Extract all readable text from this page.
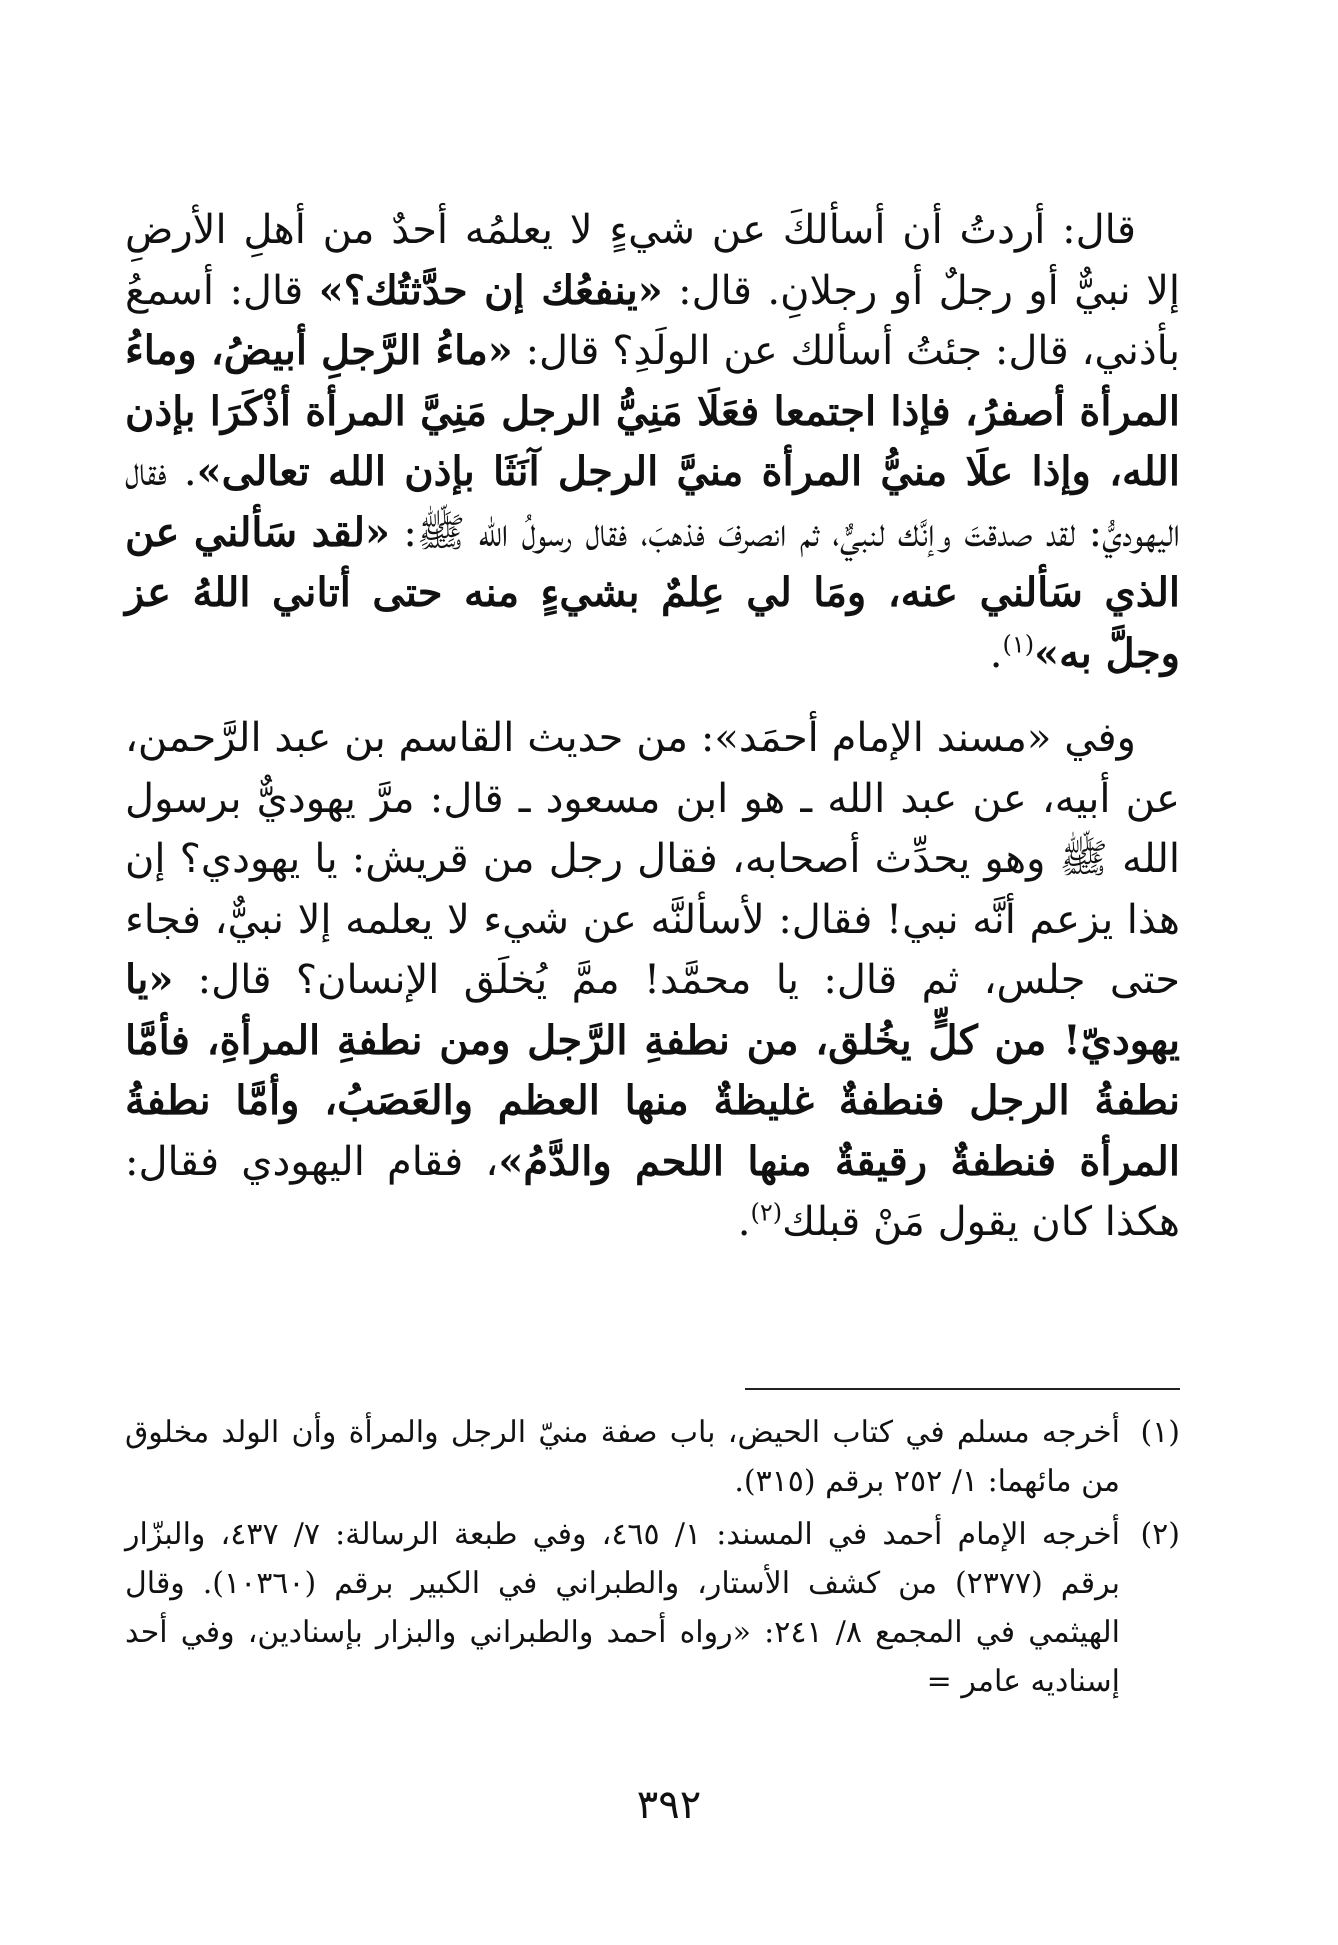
قال: أردتُ أن أسألكَ عن شيءٍ لا يعلمُه أحدٌ من أهلِ الأرضِ إلا نبيٌّ أو رجلٌ أو رجلانِ. قال: «ينفعُك إن حدَّثتُك؟» قال: أسمعُ بأذني، قال: جئتُ أسألك عن الولَدِ؟ قال: «ماءُ الرَّجلِ أبيضُ، وماءُ المرأة أصفرُ، فإذا اجتمعا فعَلَا مَنِيُّ الرجل مَنِيَّ المرأة أذْكَرَا بإذن الله، وإذا علَا منيُّ المرأة منيَّ الرجل آنَثَا بإذن الله تعالى». فقال اليهوديُّ: لقد صدقتَ وإنَّك لنبيٌّ، ثم انصرفَ فذهبَ، فقال رسولُ الله ﷺ: «لقد سَألني عن الذي سَألني عنه، ومَا لي عِلمٌ بشيءٍ منه حتى أتاني اللهُ عز وجلَّ به»$^{(١)}$.

وفي «مسند الإمام أحمَد»: من حديث القاسم بن عبد الرَّحمن، عن أبيه، عن عبد الله ـ هو ابن مسعود ـ قال: مرَّ يهوديٌّ برسول الله ﷺ وهو يحدِّث أصحابه، فقال رجل من قريش: يا يهودي؟ إن هذا يزعم أنَّه نبي! فقال: لأسألنَّه عن شيء لا يعلمه إلا نبيٌّ، فجاء حتى جلس، ثم قال: يا محمَّد! ممَّ يُخلَق الإنسان؟ قال: «يا يهوديّ! من كلٍّ يخُلق، من نطفةِ الرَّجل ومن نطفةِ المرأةِ، فأمَّا نطفةُ الرجل فنطفةٌ غليظةٌ منها العظم والعَصَبُ، وأمَّا نطفةُ المرأة فنطفةٌ رقيقةٌ منها اللحم والدَّمُ»، فقام اليهودي فقال: هكذا كان يقول مَنْ قبلك$^{(٢)}$.

(١)
أخرجه مسلم في كتاب الحيض، باب صفة منيّ الرجل والمرأة وأن الولد مخلوق من مائهما: ١/ ٢٥٢ برقم (٣١٥).
(٢)
أخرجه الإمام أحمد في المسند: ١/ ٤٦٥، وفي طبعة الرسالة: ٧/ ٤٣٧، والبزّار برقم (٢٣٧٧) من كشف الأستار، والطبراني في الكبير برقم (١٠٣٦٠). وقال الهيثمي في المجمع ٨/ ٢٤١: «رواه أحمد والطبراني والبزار بإسنادين، وفي أحد إسناديه عامر =
٣٩٢
